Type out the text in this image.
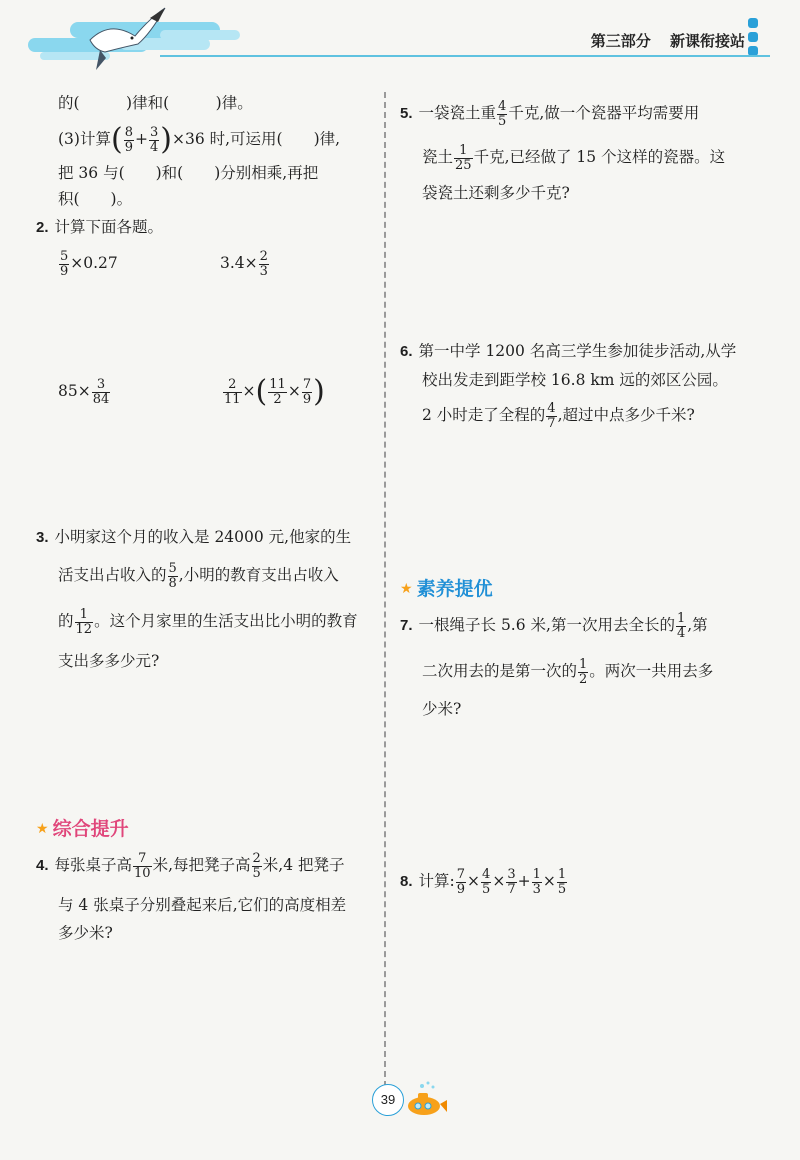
第三部分　 新课衔接站
的(　　　)律和(　　　)律。
(3)计算( $\frac{8}{9} + \frac{3}{4} )\times 36$ 时,可运用(　　)律,
把 36 与(　　)和(　　)分别相乘,再把
积(　　)。
2. 计算下面各题。
$\frac{5}{9} \times 0.27$	$3.4\times \frac{2}{3}$
$85\times \frac{3}{84}$	$\frac{2}{11}$ ×( $\frac{11}{2} \times \frac{7}{9}$ )
3. 小明家这个月的收入是 24000 元,他家的生
活支出占收入的 $\frac{5}{8}$ ,小明的教育支出占收入
的 $\frac{1}{12}$ 。这个月家里的生活支出比小明的教育
支出多多少元?
★ 综合提升
4. 每张桌子高 $\frac{7}{10}$ 米,每把凳子高 $\frac{2}{5}$ 米,4 把凳子
与 4 张桌子分别叠起来后,它们的高度相差
多少米?
5. 一袋瓷土重 $\frac{4}{5}$ 千克,做一个瓷器平均需要用
瓷土 $\frac{1}{25}$ 千克,已经做了 15 个这样的瓷器。这
袋瓷土还剩多少千克?
6. 第一中学 1200 名高三学生参加徒步活动,从学
校出发走到距学校 16.8 km 远的郊区公园。
2 小时走了全程的 $\frac{4}{7}$ ,超过中点多少千米?
★ 素养提优
7. 一根绳子长 5.6 米,第一次用去全长的 $\frac{1}{4}$ ,第
二次用去的是第一次的 $\frac{1}{2}$ 。两次一共用去多
少米?
8. 计算: $\frac{7}{9} \times \frac{4}{5} \times \frac{3}{7} + \frac{1}{3} \times \frac{1}{5}$
39
